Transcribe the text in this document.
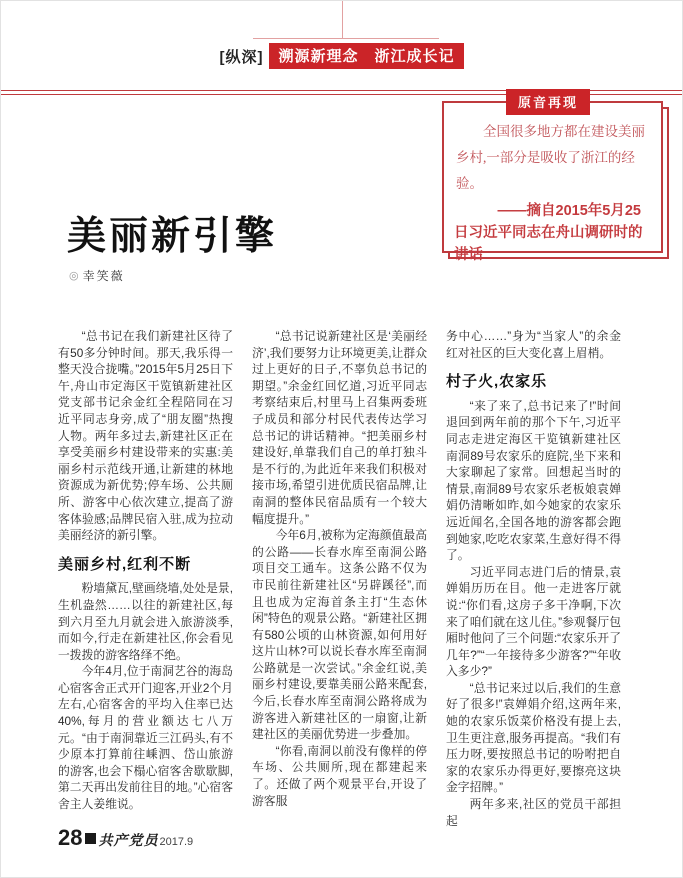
[纵深]	溯源新理念　浙江成长记
原音再现

全国很多地方都在建设美丽乡村,一部分是吸收了浙江的经验。

——摘自2015年5月25日习近平同志在舟山调研时的讲话

美丽新引擎
◎ 幸笑薇

“总书记在我们新建社区待了有50多分钟时间。那天,我乐得一整天没合拢嘴。”2015年5月25日下午,舟山市定海区干览镇新建社区党支部书记余金红全程陪同在习近平同志身旁,成了“朋友圈”热搜人物。两年多过去,新建社区正在享受美丽乡村建设带来的实惠:美丽乡村示范线开通,让新建的林地资源成为新优势;停车场、公共厕所、游客中心依次建立,提高了游客体验感;品牌民宿入驻,成为拉动美丽经济的新引擎。

美丽乡村,红利不断

粉墙黛瓦,壁画绕墙,处处是景,生机盎然……以往的新建社区,每到六月至九月就会进入旅游淡季,而如今,行走在新建社区,你会看见一拨拨的游客络绎不绝。

今年4月,位于南洞艺谷的海岛心宿客舍正式开门迎客,开业2个月左右,心宿客舍的平均入住率已达40%,每月的营业额达七八万元。“由于南洞靠近三江码头,有不少原本打算前往嵊泗、岱山旅游的游客,也会下榻心宿客舍歇歇脚,第二天再出发前往目的地。”心宿客舍主人姜维说。

“总书记说新建社区是‘美丽经济’,我们要努力让环境更美,让群众过上更好的日子,不辜负总书记的期望。”余金红回忆道,习近平同志考察结束后,村里马上召集两委班子成员和部分村民代表传达学习总书记的讲话精神。“把美丽乡村建设好,单靠我们自己的单打独斗是不行的,为此近年来我们积极对接市场,希望引进优质民宿品牌,让南洞的整体民宿品质有一个较大幅度提升。”

今年6月,被称为定海颜值最高的公路——长春水库至南洞公路项目交工通车。这条公路不仅为市民前往新建社区“另辟蹊径”,而且也成为定海首条主打“生态休闲”特色的观景公路。“新建社区拥有580公顷的山林资源,如何用好这片山林?可以说长春水库至南洞公路就是一次尝试。”余金红说,美丽乡村建设,要靠美丽公路来配套,今后,长春水库至南洞公路将成为游客进入新建社区的一扇窗,让新建社区的美丽优势进一步叠加。

“你看,南洞以前没有像样的停车场、公共厕所,现在都建起来了。还做了两个观景平台,开设了游客服

务中心……”身为“当家人”的余金红对社区的巨大变化喜上眉梢。

村子火,农家乐

“来了来了,总书记来了!”时间退回到两年前的那个下午,习近平同志走进定海区干览镇新建社区南洞89号农家乐的庭院,坐下来和大家聊起了家常。回想起当时的情景,南洞89号农家乐老板娘袁婵娟仍清晰如昨,如今她家的农家乐远近闻名,全国各地的游客都会跑到她家,吃吃农家菜,生意好得不得了。

习近平同志进门后的情景,袁婵娟历历在目。他一走进客厅就说:“你们看,这房子多干净啊,下次来了咱们就在这儿住。”参观餐厅包厢时他问了三个问题:“农家乐开了几年?”“一年接待多少游客?”“年收入多少?”

“总书记来过以后,我们的生意好了很多!”袁婵娟介绍,这两年来,她的农家乐饭菜价格没有提上去,卫生更注意,服务再提高。“我们有压力呀,要按照总书记的吩咐把自家的农家乐办得更好,要擦亮这块金字招牌。”

两年多来,社区的党员干部担起

28 共产党员 2017.9
